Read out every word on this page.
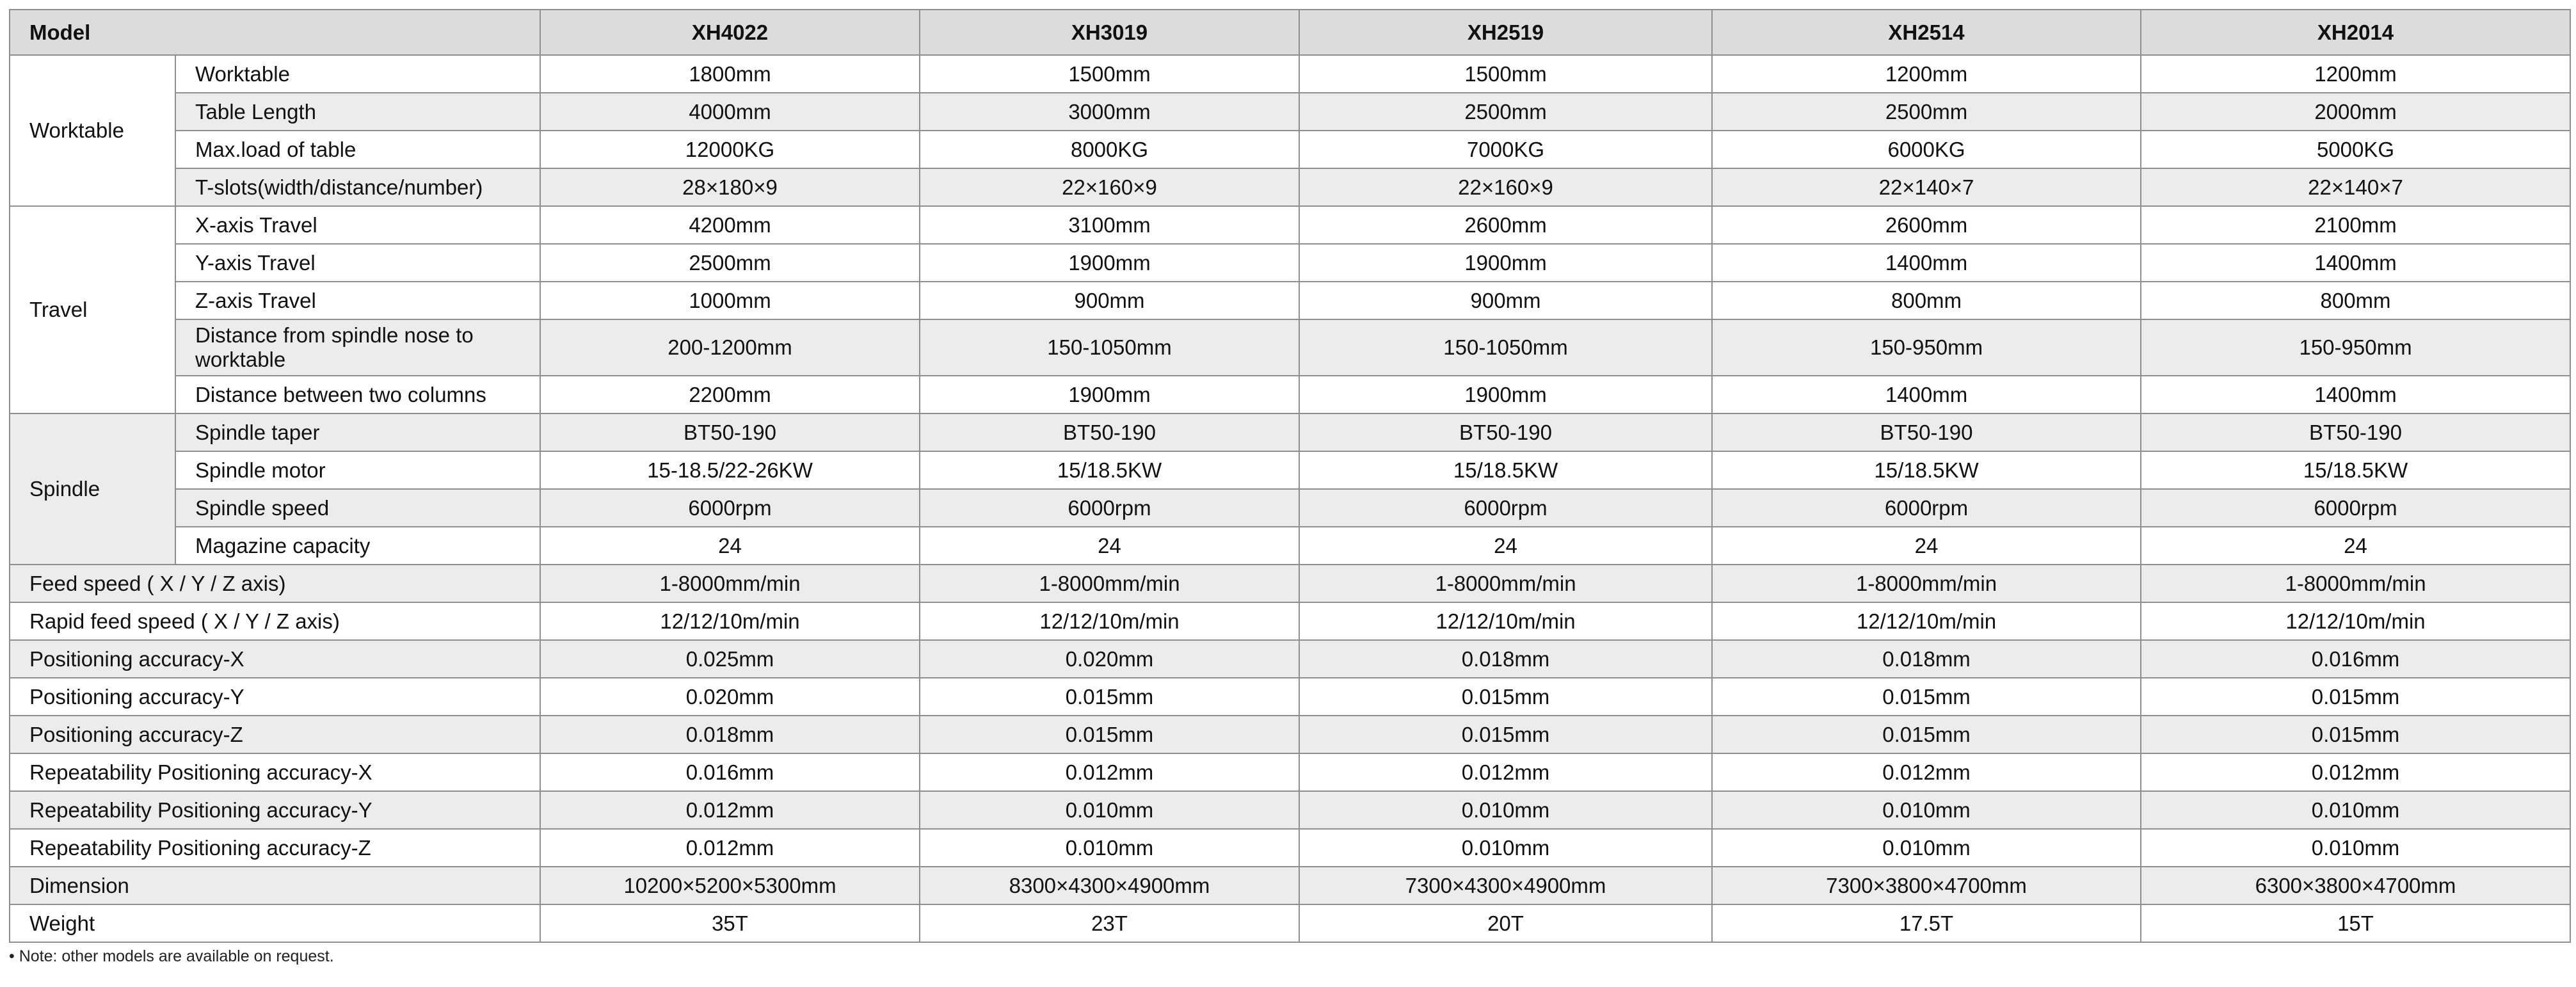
Model		XH4022	XH3019	XH2519	XH2514	XH2014
Worktable	Worktable	1800mm	1500mm	1500mm	1200mm	1200mm
	Table Length	4000mm	3000mm	2500mm	2500mm	2000mm
	Max.load of table	12000KG	8000KG	7000KG	6000KG	5000KG
	T-slots(width/distance/number)	28×180×9	22×160×9	22×160×9	22×140×7	22×140×7
Travel	X-axis Travel	4200mm	3100mm	2600mm	2600mm	2100mm
	Y-axis Travel	2500mm	1900mm	1900mm	1400mm	1400mm
	Z-axis Travel	1000mm	900mm	900mm	800mm	800mm
	Distance from spindle nose to worktable	200-1200mm	150-1050mm	150-1050mm	150-950mm	150-950mm
	Distance between two columns	2200mm	1900mm	1900mm	1400mm	1400mm
Spindle	Spindle taper	BT50-190	BT50-190	BT50-190	BT50-190	BT50-190
	Spindle motor	15-18.5/22-26KW	15/18.5KW	15/18.5KW	15/18.5KW	15/18.5KW
	Spindle speed	6000rpm	6000rpm	6000rpm	6000rpm	6000rpm
	Magazine capacity	24	24	24	24	24
Feed speed ( X / Y / Z axis)		1-8000mm/min	1-8000mm/min	1-8000mm/min	1-8000mm/min	1-8000mm/min
Rapid feed speed ( X / Y / Z axis)		12/12/10m/min	12/12/10m/min	12/12/10m/min	12/12/10m/min	12/12/10m/min
Positioning accuracy-X		0.025mm	0.020mm	0.018mm	0.018mm	0.016mm
Positioning accuracy-Y		0.020mm	0.015mm	0.015mm	0.015mm	0.015mm
Positioning accuracy-Z		0.018mm	0.015mm	0.015mm	0.015mm	0.015mm
Repeatability Positioning accuracy-X		0.016mm	0.012mm	0.012mm	0.012mm	0.012mm
Repeatability Positioning accuracy-Y		0.012mm	0.010mm	0.010mm	0.010mm	0.010mm
Repeatability Positioning accuracy-Z		0.012mm	0.010mm	0.010mm	0.010mm	0.010mm
Dimension		10200×5200×5300mm	8300×4300×4900mm	7300×4300×4900mm	7300×3800×4700mm	6300×3800×4700mm
Weight		35T	23T	20T	17.5T	15T
• Note: other models are available on request.
